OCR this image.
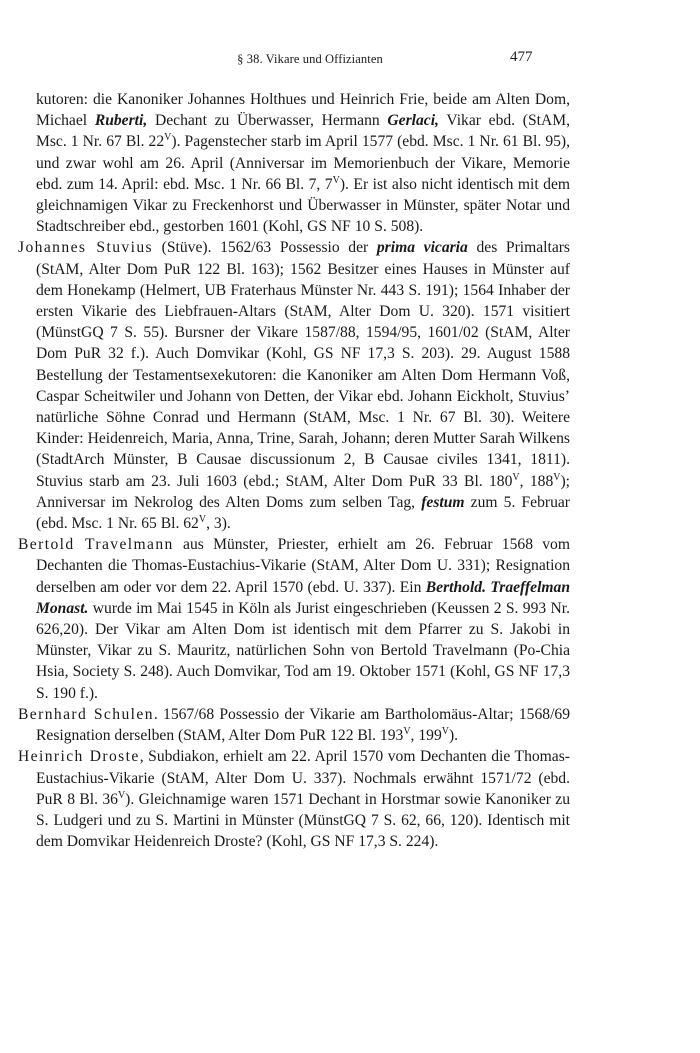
§ 38. Vikare und Offizianten	477

kutoren: die Kanoniker Johannes Holthues und Heinrich Frie, beide am Alten Dom, Michael Ruberti, Dechant zu Überwasser, Hermann Gerlaci, Vikar ebd. (StAM, Msc. 1 Nr. 67 Bl. $22^V$). Pagenstecher starb im April 1577 (ebd. Msc. 1 Nr. 61 Bl. 95), und zwar wohl am 26. April (Anniversar im Memorienbuch der Vikare, Memorie ebd. zum 14. April: ebd. Msc. 1 Nr. 66 Bl. 7, $7^V$). Er ist also nicht identisch mit dem gleichnamigen Vikar zu Freckenhorst und Überwasser in Münster, später Notar und Stadtschreiber ebd., gestorben 1601 (Kohl, GS NF 10 S. 508).

Johannes Stuvius (Stüve). 1562/63 Possessio der prima vicaria des Primaltars (StAM, Alter Dom PuR 122 Bl. 163); 1562 Besitzer eines Hauses in Münster auf dem Honekamp (Helmert, UB Fraterhaus Münster Nr. 443 S. 191); 1564 Inhaber der ersten Vikarie des Liebfrauen-Altars (StAM, Alter Dom U. 320). 1571 visitiert (MünstGQ 7 S. 55). Bursner der Vikare 1587/88, 1594/95, 1601/02 (StAM, Alter Dom PuR 32 f.). Auch Domvikar (Kohl, GS NF 17,3 S. 203). 29. August 1588 Bestellung der Testamentsexekutoren: die Kanoniker am Alten Dom Hermann Voß, Caspar Scheitwiler und Johann von Detten, der Vikar ebd. Johann Eickholt, Stuvius’ natürliche Söhne Conrad und Hermann (StAM, Msc. 1 Nr. 67 Bl. 30). Weitere Kinder: Heidenreich, Maria, Anna, Trine, Sarah, Johann; deren Mutter Sarah Wilkens (StadtArch Münster, B Causae discussionum 2, B Causae civiles 1341, 1811). Stuvius starb am 23. Juli 1603 (ebd.; StAM, Alter Dom PuR 33 Bl. $180^V$, $188^V$); Anniversar im Nekrolog des Alten Doms zum selben Tag, festum zum 5. Februar (ebd. Msc. 1 Nr. 65 Bl. $62^V$, 3).

Bertold Travelmann aus Münster, Priester, erhielt am 26. Februar 1568 vom Dechanten die Thomas-Eustachius-Vikarie (StAM, Alter Dom U. 331); Resignation derselben am oder vor dem 22. April 1570 (ebd. U. 337). Ein Berthold. Traeffelman Monast. wurde im Mai 1545 in Köln als Jurist eingeschrieben (Keussen 2 S. 993 Nr. 626,20). Der Vikar am Alten Dom ist identisch mit dem Pfarrer zu S. Jakobi in Münster, Vikar zu S. Mauritz, natürlichen Sohn von Bertold Travelmann (Po-Chia Hsia, Society S. 248). Auch Domvikar, Tod am 19. Oktober 1571 (Kohl, GS NF 17,3 S. 190 f.).

Bernhard Schulen. 1567/68 Possessio der Vikarie am Bartholomäus-Altar; 1568/69 Resignation derselben (StAM, Alter Dom PuR 122 Bl. $193^V$, $199^V$).

Heinrich Droste, Subdiakon, erhielt am 22. April 1570 vom Dechanten die Thomas-Eustachius-Vikarie (StAM, Alter Dom U. 337). Nochmals erwähnt 1571/72 (ebd. PuR 8 Bl. $36^V$). Gleichnamige waren 1571 Dechant in Horstmar sowie Kanoniker zu S. Ludgeri und zu S. Martini in Münster (MünstGQ 7 S. 62, 66, 120). Identisch mit dem Domvikar Heidenreich Droste? (Kohl, GS NF 17,3 S. 224).
